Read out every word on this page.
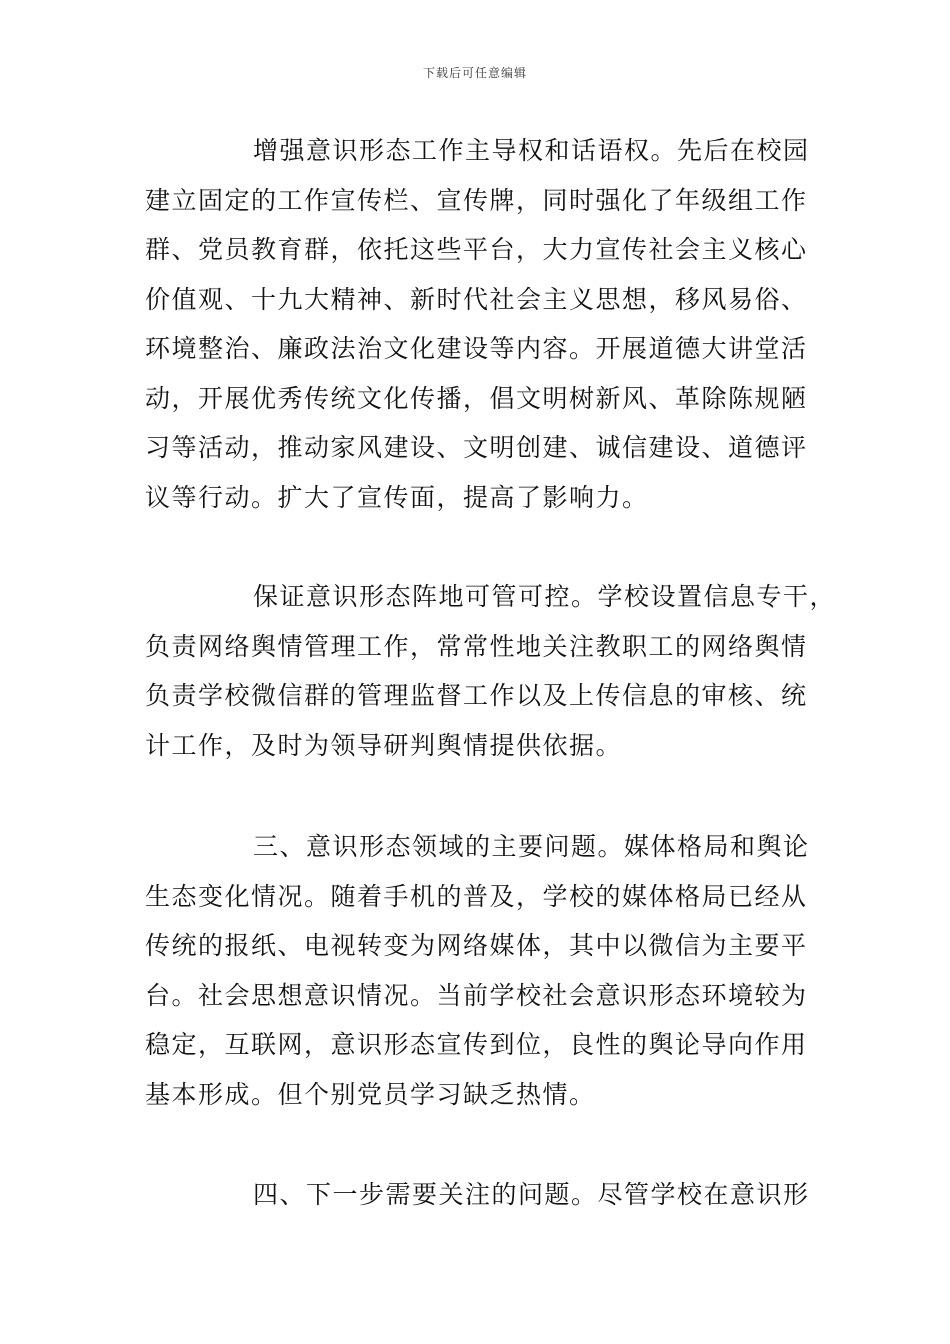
下载后可任意编辑
增强意识形态工作主导权和话语权。先后在校园
建立固定的工作宣传栏、宣传牌，同时强化了年级组工作
群、党员教育群，依托这些平台，大力宣传社会主义核心
价值观、十九大精神、新时代社会主义思想，移风易俗、
环境整治、廉政法治文化建设等内容。开展道德大讲堂活
动，开展优秀传统文化传播，倡文明树新风、革除陈规陋
习等活动，推动家风建设、文明创建、诚信建设、道德评
议等行动。扩大了宣传面，提高了影响力。
保证意识形态阵地可管可控。学校设置信息专干，
负责网络舆情管理工作，常常性地关注教职工的网络舆情
负责学校微信群的管理监督工作以及上传信息的审核、统
计工作，及时为领导研判舆情提供依据。
三、意识形态领域的主要问题。媒体格局和舆论
生态变化情况。随着手机的普及，学校的媒体格局已经从
传统的报纸、电视转变为网络媒体，其中以微信为主要平
台。社会思想意识情况。当前学校社会意识形态环境较为
稳定，互联网，意识形态宣传到位，良性的舆论导向作用
基本形成。但个别党员学习缺乏热情。
四、下一步需要关注的问题。尽管学校在意识形
